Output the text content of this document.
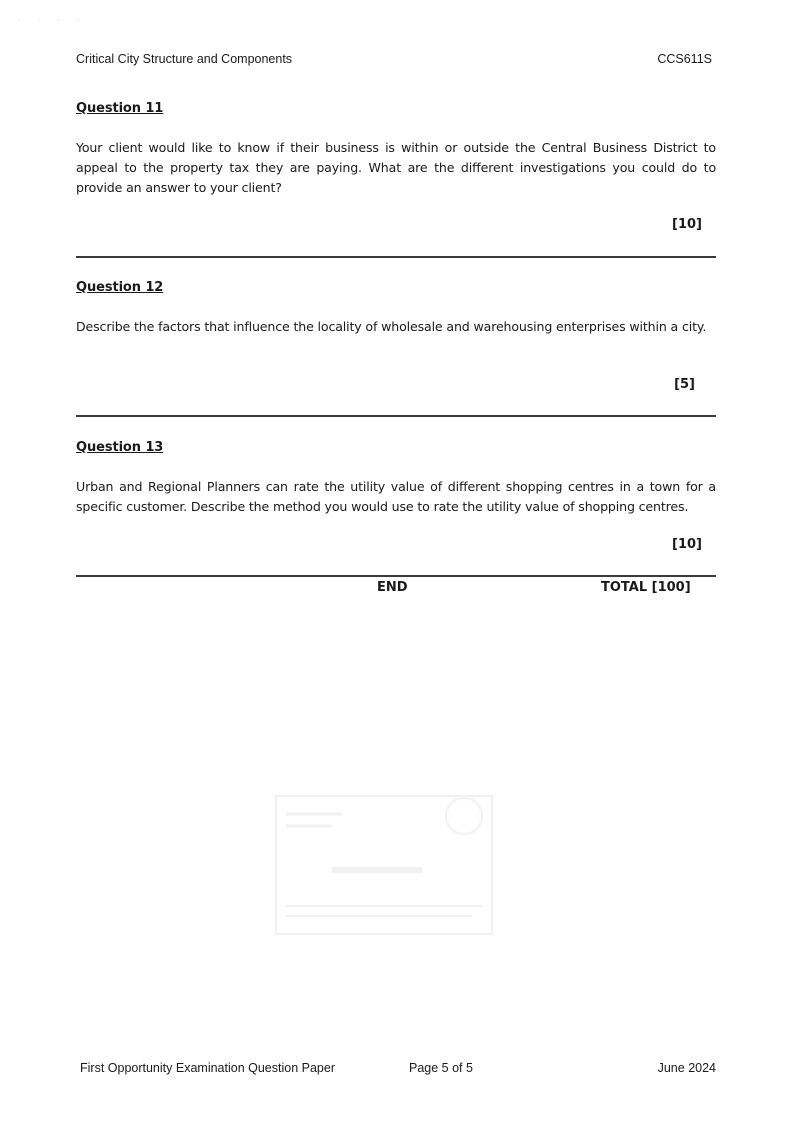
· · · ·
Critical City Structure and Components	CCS611S

Question 11

Your client would like to know if their business is within or outside the Central Business District to appeal to the property tax they are paying. What are the different investigations you could do to provide an answer to your client?

[10]

Question 12

Describe the factors that influence the locality of wholesale and warehousing enterprises within a city.

[5]

Question 13

Urban and Regional Planners can rate the utility value of different shopping centres in a town for a specific customer. Describe the method you would use to rate the utility value of shopping centres.

[10]
END	TOTAL [100]
First Opportunity Examination Question Paper	Page 5 of 5	June 2024
